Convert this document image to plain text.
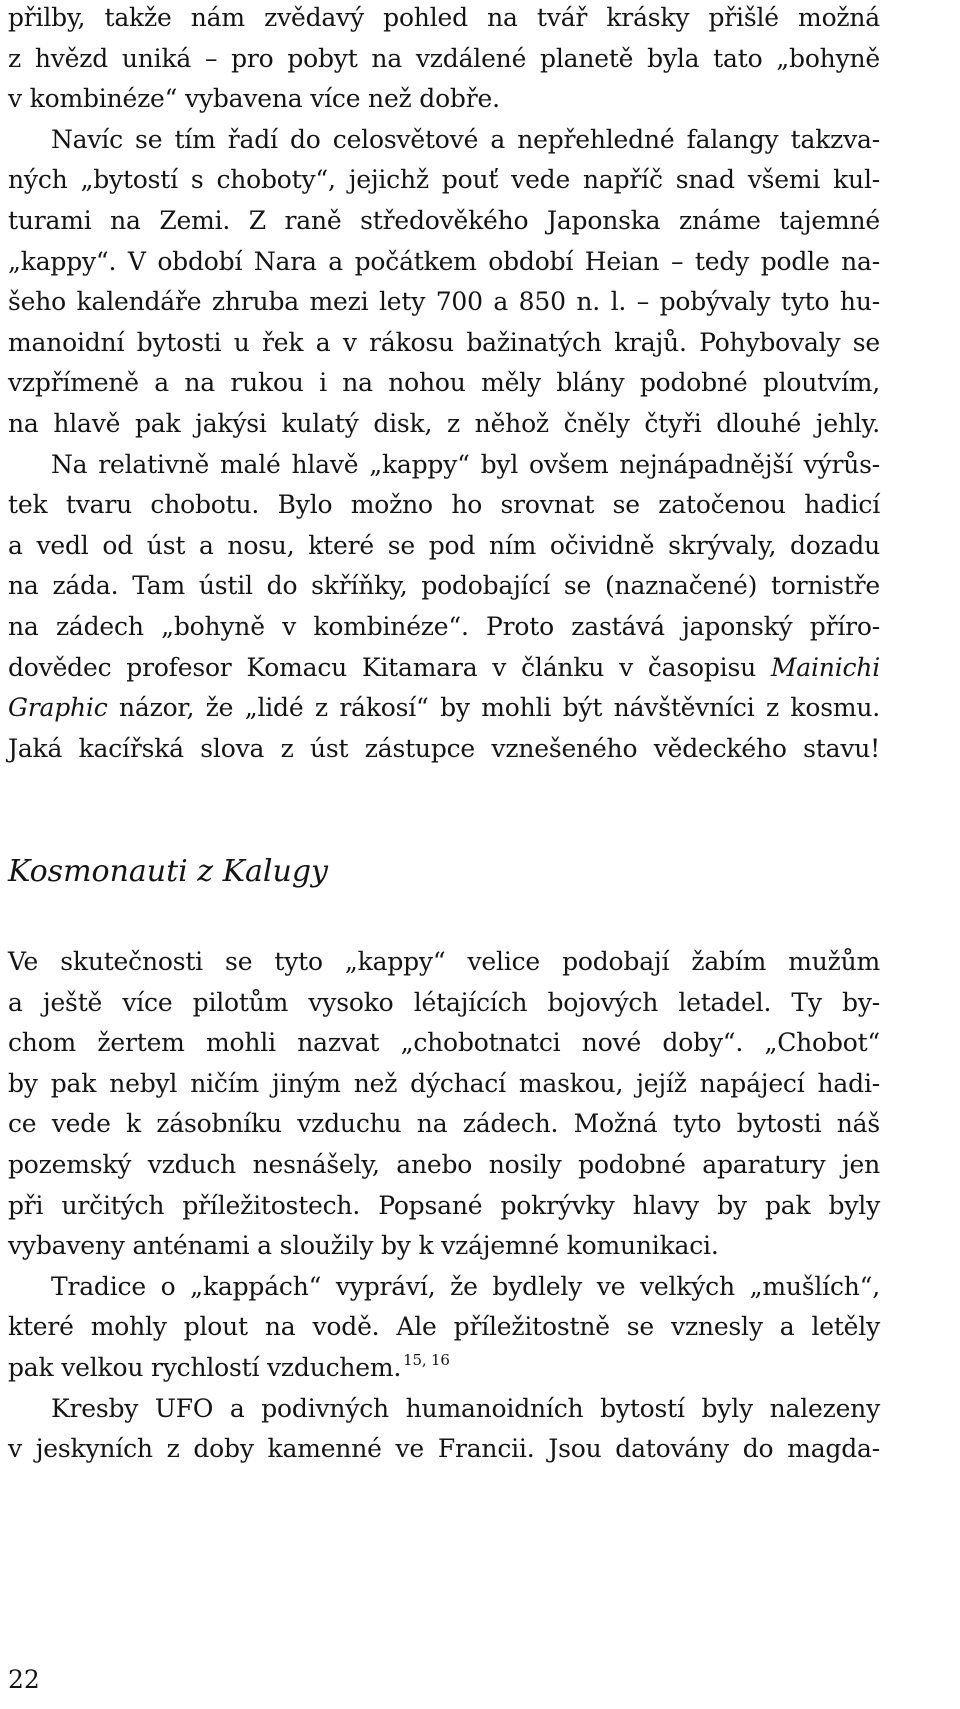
přilby, takže nám zvědavý pohled na tvář krásky přišlé možná
z hvězd uniká – pro pobyt na vzdálené planetě byla tato „bohyně
v kombinéze“ vybavena více než dobře.
Navíc se tím řadí do celosvětové a nepřehledné falangy takzva-
ných „bytostí s choboty“, jejichž pouť vede napříč snad všemi kul-
turami na Zemi. Z raně středověkého Japonska známe tajemné
„kappy“. V období Nara a počátkem období Heian – tedy podle na-
šeho kalendáře zhruba mezi lety 700 a 850 n. l. – pobývaly tyto hu-
manoidní bytosti u řek a v rákosu bažinatých krajů. Pohybovaly se
vzpřímeně a na rukou i na nohou měly blány podobné ploutvím,
na hlavě pak jakýsi kulatý disk, z něhož čněly čtyři dlouhé jehly.
Na relativně malé hlavě „kappy“ byl ovšem nejnápadnější výrůs-
tek tvaru chobotu. Bylo možno ho srovnat se zatočenou hadicí
a vedl od úst a nosu, které se pod ním očividně skrývaly, dozadu
na záda. Tam ústil do skříňky, podobající se (naznačené) tornistře
na zádech „bohyně v kombinéze“. Proto zastává japonský příro-
dovědec profesor Komacu Kitamara v článku v časopisu Mainichi
Graphic názor, že „lidé z rákosí“ by mohli být návštěvníci z kosmu.
Jaká kacířská slova z úst zástupce vznešeného vědeckého stavu!
Kosmonauti z Kalugy
Ve skutečnosti se tyto „kappy“ velice podobají žabím mužům
a ještě více pilotům vysoko létajících bojových letadel. Ty by-
chom žertem mohli nazvat „chobotnatci nové doby“. „Chobot“
by pak nebyl ničím jiným než dýchací maskou, jejíž napájecí hadi-
ce vede k zásobníku vzduchu na zádech. Možná tyto bytosti náš
pozemský vzduch nesnášely, anebo nosily podobné aparatury jen
při určitých příležitostech. Popsané pokrývky hlavy by pak byly
vybaveny anténami a sloužily by k vzájemné komunikaci.
Tradice o „kappách“ vypráví, že bydlely ve velkých „mušlích“,
které mohly plout na vodě. Ale příležitostně se vznesly a letěly
pak velkou rychlostí vzduchem. $^{15, 16}$
Kresby UFO a podivných humanoidních bytostí byly nalezeny
v jeskyních z doby kamenné ve Francii. Jsou datovány do magda-
22
